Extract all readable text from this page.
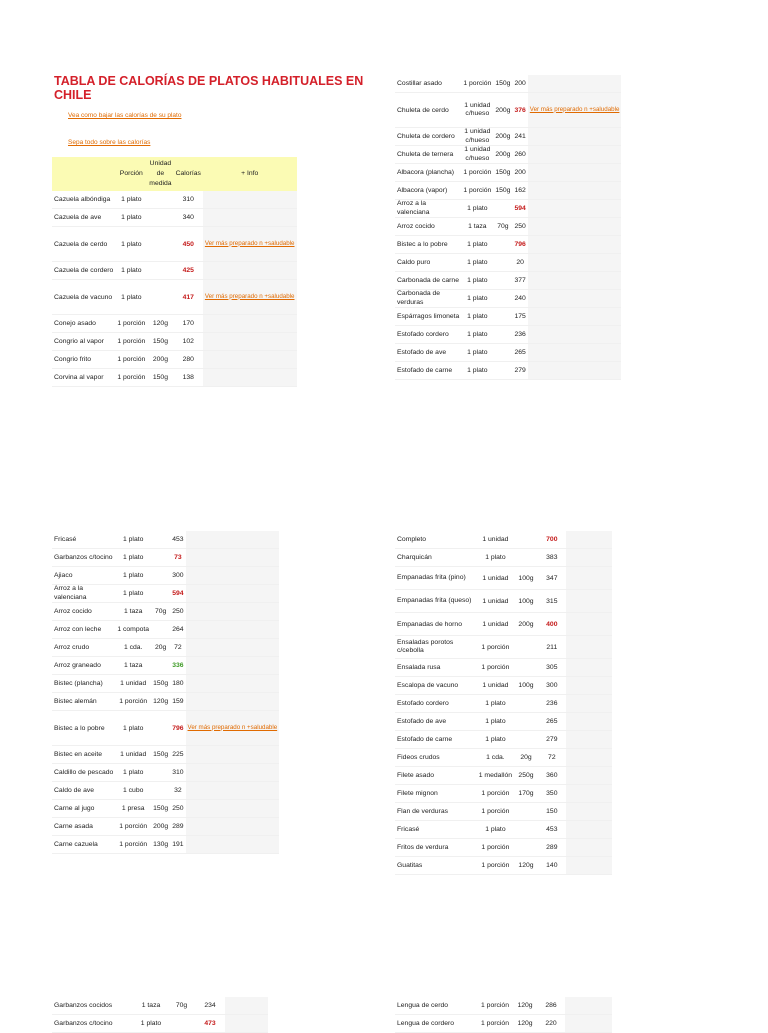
TABLA DE CALORÍAS DE PLATOS HABITUALES EN CHILE
Vea como bajar las calorías de su plato
Sepa todo sobre las calorías
	Porción	Unidad de medida	Calorías	+ Info
Cazuela albóndiga	1 plato		310	
Cazuela de ave	1 plato		340	
Cazuela de cerdo	1 plato		450	Ver más preparado n +saludable
Cazuela de cordero	1 plato		425	
Cazuela de vacuno	1 plato		417	Ver más preparado n +saludable
Conejo asado	1 porción	120g	170	
Congrio al vapor	1 porción	150g	102	
Congrio frito	1 porción	200g	280	
Corvina al vapor	1 porción	150g	138	
Costillar asado	1 porción	150g	200	
Chuleta de cerdo	1 unidad c/hueso	200g	376	Ver más preparado n +saludable
Chuleta de cordero	1 unidad c/hueso	200g	241	
Chuleta de ternera	1 unidad c/hueso	200g	260	
Albacora (plancha)	1 porción	150g	200	
Albacora (vapor)	1 porción	150g	162	
Arroz a la valenciana	1 plato		594	
Arroz cocido	1 taza	70g	250	
Bistec a lo pobre	1 plato		796	
Caldo puro	1 plato		20	
Carbonada de carne	1 plato		377	
Carbonada de verduras	1 plato		240	
Espárragos limoneta	1 plato		175	
Estofado cordero	1 plato		236	
Estofado de ave	1 plato		265	
Estofado de carne	1 plato		279	
Fricasé	1 plato		453	
Garbanzos c/tocino	1 plato		73	
Ajiaco	1 plato		300	
Arroz a la valenciana	1 plato		594	
Arroz cocido	1 taza	70g	250	
Arroz con leche	1 compota		264	
Arroz crudo	1 cda.	20g	72	
Arroz graneado	1 taza		336	
Bistec (plancha)	1 unidad	150g	180	
Bistec alemán	1 porción	120g	159	
Bistec a lo pobre	1 plato		796	Ver más preparado n +saludable
Bistec en aceite	1 unidad	150g	225	
Caldillo de pescado	1 plato		310	
Caldo de ave	1 cubo		32	
Carne al jugo	1 presa	150g	250	
Carne asada	1 porción	200g	289	
Carne cazuela	1 porción	130g	191	
Completo	1 unidad		700	
Charquicán	1 plato		383	
Empanadas frita (pino)	1 unidad	100g	347	
Empanadas frita (queso)	1 unidad	100g	315	
Empanadas de horno	1 unidad	200g	400	
Ensaladas porotos c/cebolla	1 porción		211	
Ensalada rusa	1 porción		305	
Escalopa de vacuno	1 unidad	100g	300	
Estofado cordero	1 plato		236	
Estofado de ave	1 plato		265	
Estofado de carne	1 plato		279	
Fideos crudos	1 cda.	20g	72	
Filete asado	1 medallón	250g	360	
Filete mignon	1 porción	170g	350	
Flan de verduras	1 porción		150	
Fricasé	1 plato		453	
Fritos de verdura	1 porción		289	
Guatitas	1 porción	120g	140	
Garbanzos cocidos	1 taza	70g	234	
Garbanzos c/tocino	1 plato		473	
Lengua de cerdo	1 porción	120g	286	
Lengua de cordero	1 porción	120g	220	
